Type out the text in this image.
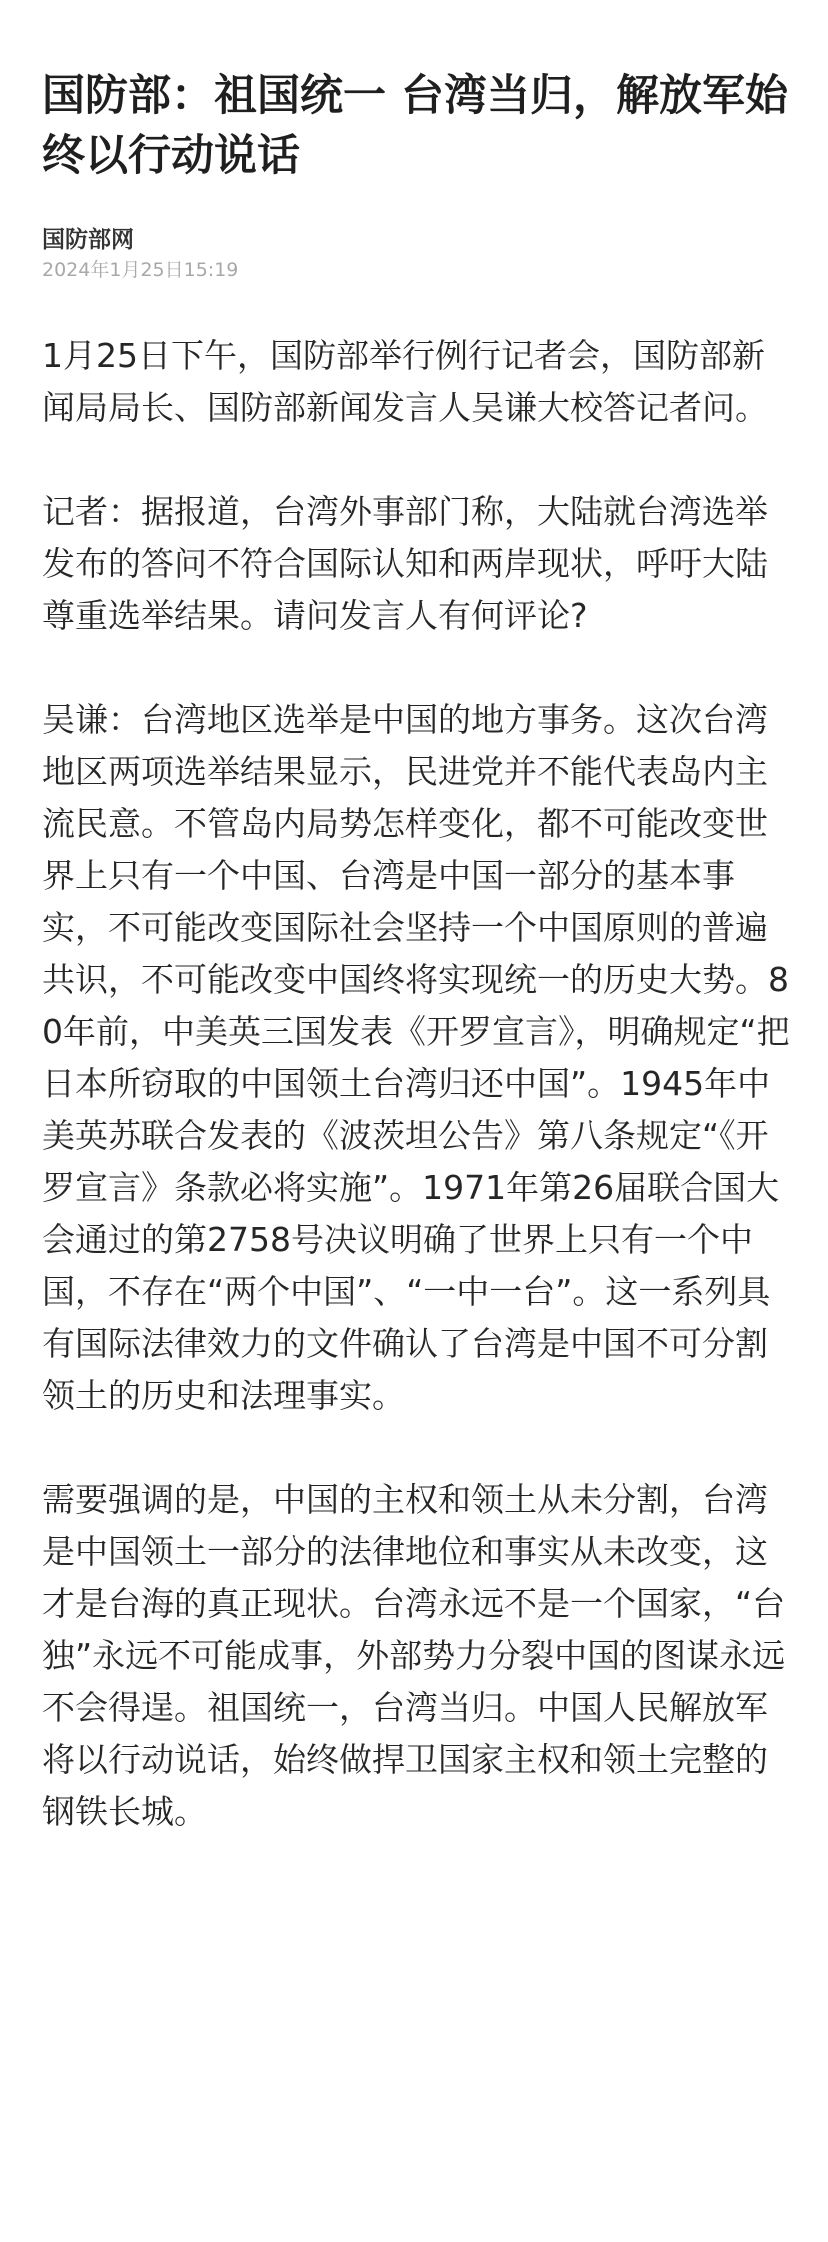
国防部：祖国统一 台湾当归，解放军始终以行动说话
国防部网
2024年1月25日15:19

1月25日下午，国防部举行例行记者会，国防部新闻局局长、国防部新闻发言人吴谦大校答记者问。

记者：据报道，台湾外事部门称，大陆就台湾选举发布的答问不符合国际认知和两岸现状，呼吁大陆尊重选举结果。请问发言人有何评论?

吴谦：台湾地区选举是中国的地方事务。这次台湾地区两项选举结果显示，民进党并不能代表岛内主流民意。不管岛内局势怎样变化，都不可能改变世界上只有一个中国、台湾是中国一部分的基本事实，不可能改变国际社会坚持一个中国原则的普遍共识，不可能改变中国终将实现统一的历史大势。80年前，中美英三国发表《开罗宣言》，明确规定“把日本所窃取的中国领土台湾归还中国”。1945年中美英苏联合发表的《波茨坦公告》第八条规定“《开罗宣言》条款必将实施”。1971年第26届联合国大会通过的第2758号决议明确了世界上只有一个中国，不存在“两个中国”、“一中一台”。这一系列具有国际法律效力的文件确认了台湾是中国不可分割领土的历史和法理事实。

需要强调的是，中国的主权和领土从未分割，台湾是中国领土一部分的法律地位和事实从未改变，这才是台海的真正现状。台湾永远不是一个国家，“台独”永远不可能成事，外部势力分裂中国的图谋永远不会得逞。祖国统一，台湾当归。中国人民解放军将以行动说话，始终做捍卫国家主权和领土完整的钢铁长城。
